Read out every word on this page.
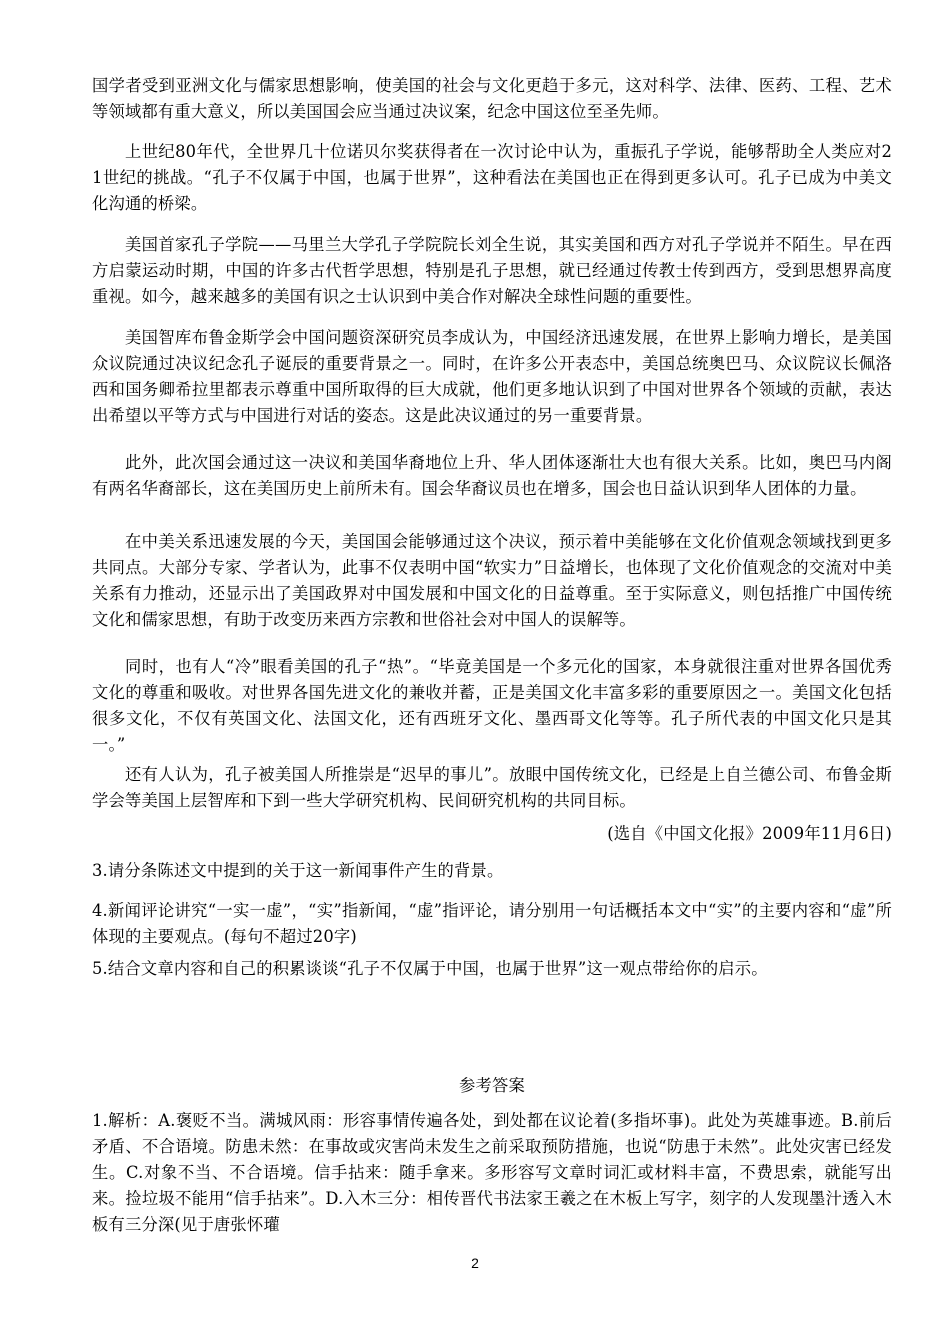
国学者受到亚洲文化与儒家思想影响，使美国的社会与文化更趋于多元，这对科学、法律、医药、工程、艺术等领域都有重大意义，所以美国国会应当通过决议案，纪念中国这位至圣先师。

上世纪80年代，全世界几十位诺贝尔奖获得者在一次讨论中认为，重振孔子学说，能够帮助全人类应对21世纪的挑战。“孔子不仅属于中国，也属于世界”，这种看法在美国也正在得到更多认可。孔子已成为中美文化沟通的桥梁。

美国首家孔子学院——马里兰大学孔子学院院长刘全生说，其实美国和西方对孔子学说并不陌生。早在西方启蒙运动时期，中国的许多古代哲学思想，特别是孔子思想，就已经通过传教士传到西方，受到思想界高度重视。如今，越来越多的美国有识之士认识到中美合作对解决全球性问题的重要性。

美国智库布鲁金斯学会中国问题资深研究员李成认为，中国经济迅速发展，在世界上影响力增长，是美国众议院通过决议纪念孔子诞辰的重要背景之一。同时，在许多公开表态中，美国总统奥巴马、众议院议长佩洛西和国务卿希拉里都表示尊重中国所取得的巨大成就，他们更多地认识到了中国对世界各个领域的贡献，表达出希望以平等方式与中国进行对话的姿态。这是此决议通过的另一重要背景。

此外，此次国会通过这一决议和美国华裔地位上升、华人团体逐渐壮大也有很大关系。比如，奥巴马内阁有两名华裔部长，这在美国历史上前所未有。国会华裔议员也在增多，国会也日益认识到华人团体的力量。

在中美关系迅速发展的今天，美国国会能够通过这个决议，预示着中美能够在文化价值观念领域找到更多共同点。大部分专家、学者认为，此事不仅表明中国“软实力”日益增长，也体现了文化价值观念的交流对中美关系有力推动，还显示出了美国政界对中国发展和中国文化的日益尊重。至于实际意义，则包括推广中国传统文化和儒家思想，有助于改变历来西方宗教和世俗社会对中国人的误解等。

同时，也有人“冷”眼看美国的孔子“热”。“毕竟美国是一个多元化的国家，本身就很注重对世界各国优秀文化的尊重和吸收。对世界各国先进文化的兼收并蓄，正是美国文化丰富多彩的重要原因之一。美国文化包括很多文化，不仅有英国文化、法国文化，还有西班牙文化、墨西哥文化等等。孔子所代表的中国文化只是其一。”

还有人认为，孔子被美国人所推崇是“迟早的事儿”。放眼中国传统文化，已经是上自兰德公司、布鲁金斯学会等美国上层智库和下到一些大学研究机构、民间研究机构的共同目标。

(选自《中国文化报》2009年11月6日)

3.请分条陈述文中提到的关于这一新闻事件产生的背景。

4.新闻评论讲究“一实一虚”，“实”指新闻，“虚”指评论，请分别用一句话概括本文中“实”的主要内容和“虚”所体现的主要观点。(每句不超过20字)

5.结合文章内容和自己的积累谈谈“孔子不仅属于中国，也属于世界”这一观点带给你的启示。

参考答案

1.解析：A.褒贬不当。满城风雨：形容事情传遍各处，到处都在议论着(多指坏事)。此处为英雄事迹。B.前后矛盾、不合语境。防患未然：在事故或灾害尚未发生之前采取预防措施，也说“防患于未然”。此处灾害已经发生。C.对象不当、不合语境。信手拈来：随手拿来。多形容写文章时词汇或材料丰富，不费思索，就能写出来。捡垃圾不能用“信手拈来”。D.入木三分：相传晋代书法家王羲之在木板上写字，刻字的人发现墨汁透入木板有三分深(见于唐张怀瓘

2
